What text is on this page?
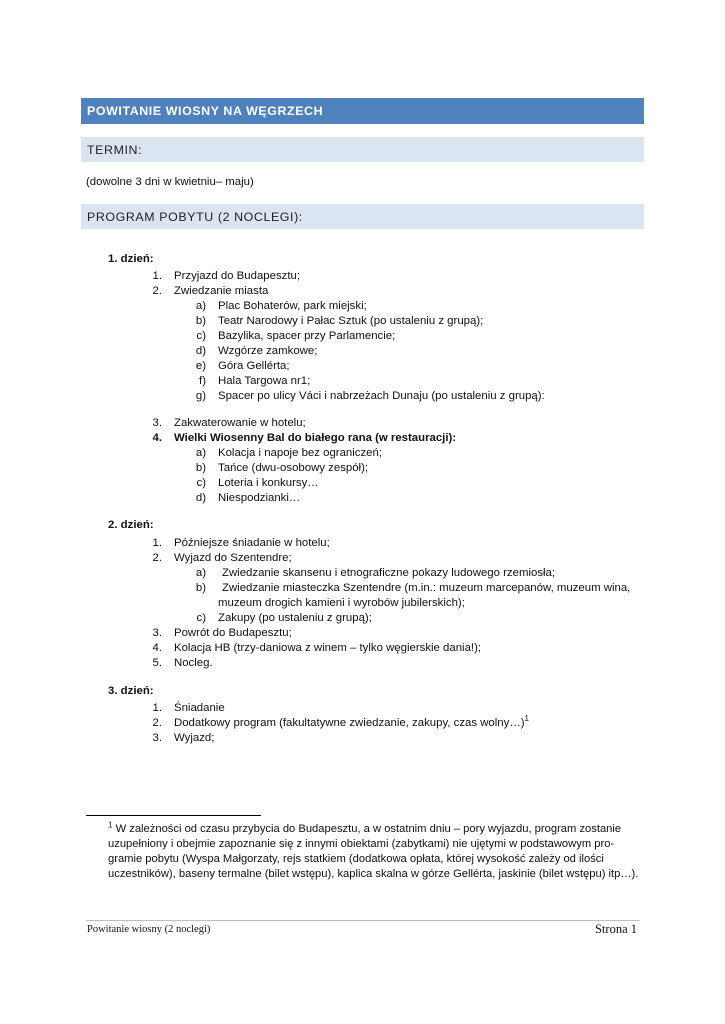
POWITANIE WIOSNY NA WĘGRZECH
TERMIN:
(dowolne 3 dni w kwietniu– maju)
PROGRAM POBYTU (2 NOCLEGI):
1. dzień:
1. Przyjazd do Budapesztu;
2. Zwiedzanie miasta
a) Plac Bohaterów, park miejski;
b) Teatr Narodowy i Pałac Sztuk (po ustaleniu z grupą);
c) Bazylika, spacer przy Parlamencie;
d) Wzgórze zamkowe;
e) Góra Gellérta;
f) Hala Targowa nr1;
g) Spacer po ulicy Váci i nabrzeżach Dunaju (po ustaleniu z grupą):
3. Zakwaterowanie w hotelu;
4. Wielki Wiosenny Bal do białego rana (w restauracji):
a) Kolacja i napoje bez ograniczeń;
b) Tańce (dwu-osobowy zespół);
c) Loteria i konkursy…
d) Niespodzianki…
2. dzień:
1. Późniejsze śniadanie w hotelu;
2. Wyjazd do Szentendre;
a) Zwiedzanie skansenu i etnograficzne pokazy ludowego rzemiosła;
b) Zwiedzanie miasteczka Szentendre (m.in.: muzeum marcepanów, muzeum wina,
muzeum drogich kamieni i wyrobów jubilerskich);
c) Zakupy (po ustaleniu z grupą);
3. Powrót do Budapesztu;
4. Kolacja HB (trzy-daniowa z winem – tylko węgierskie dania!);
5. Nocleg.
3. dzień:
1. Śniadanie
2. Dodatkowy program (fakultatywne zwiedzanie, zakupy, czas wolny…)$^1$
3. Wyjazd;
$^1$ W zależności od czasu przybycia do Budapesztu, a w ostatnim dniu – pory wyjazdu, program zostanie
uzupełniony i obejmie zapoznanie się z innymi obiektami (zabytkami) nie ujętymi w podstawowym pro-
gramie pobytu (Wyspa Małgorzaty, rejs statkiem (dodatkowa opłata, której wysokość zależy od ilości
uczestników), baseny termalne (bilet wstępu), kaplica skalna w górze Gellérta, jaskinie (bilet wstępu) itp…).
Powitanie wiosny (2 noclegi)	Strona 1
